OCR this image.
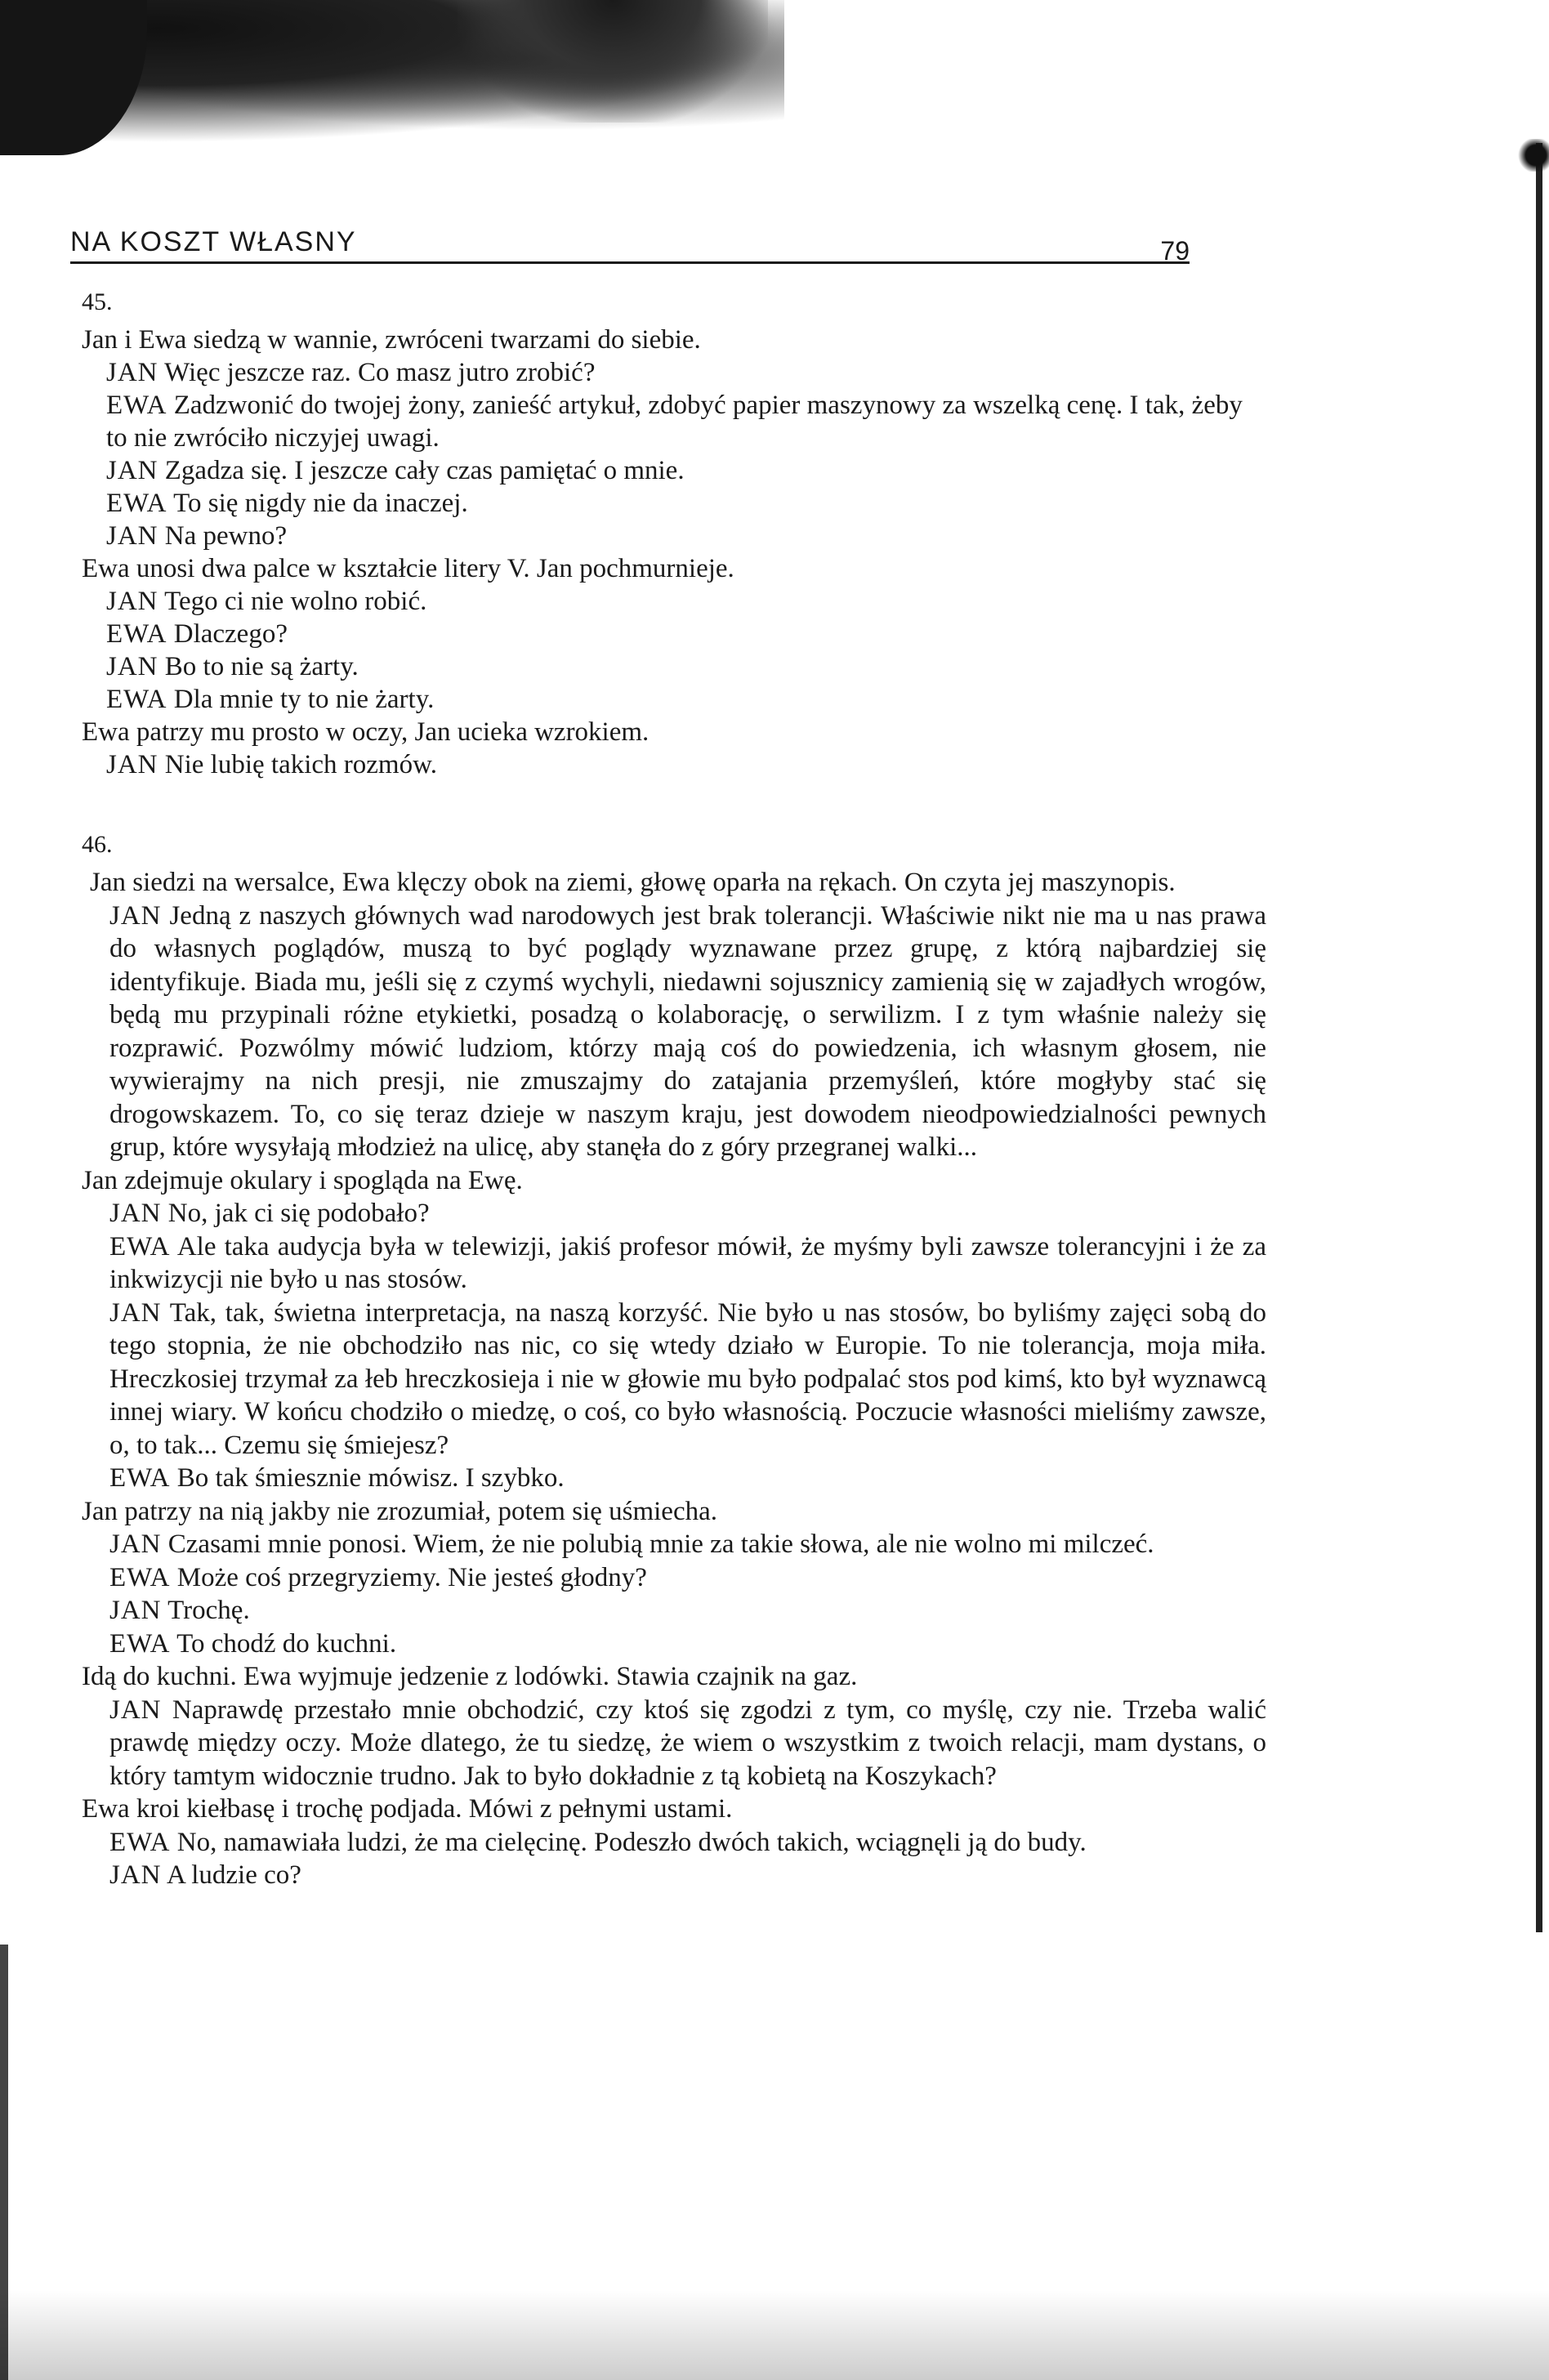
NA KOSZT WŁASNY	79
45.

Jan i Ewa siedzą w wannie, zwróceni twarzami do siebie.

JAN Więc jeszcze raz. Co masz jutro zrobić?

EWA Zadzwonić do twojej żony, zanieść artykuł, zdobyć papier maszynowy za wszelką cenę. I tak, żeby to nie zwróciło niczyjej uwagi.

JAN Zgadza się. I jeszcze cały czas pamiętać o mnie.

EWA To się nigdy nie da inaczej.

JAN Na pewno?

Ewa unosi dwa palce w kształcie litery V. Jan pochmurnieje.

JAN Tego ci nie wolno robić.

EWA Dlaczego?

JAN Bo to nie są żarty.

EWA Dla mnie ty to nie żarty.

Ewa patrzy mu prosto w oczy, Jan ucieka wzrokiem.

JAN Nie lubię takich rozmów.

46.

Jan siedzi na wersalce, Ewa klęczy obok na ziemi, głowę oparła na rękach. On czyta jej maszynopis.

JAN Jedną z naszych głównych wad narodowych jest brak tolerancji. Właściwie nikt nie ma u nas prawa do własnych poglądów, muszą to być poglądy wyznawane przez grupę, z którą najbardziej się identyfikuje. Biada mu, jeśli się z czymś wychyli, niedawni sojusznicy zamienią się w zajadłych wrogów, będą mu przypinali różne etykietki, posadzą o kolaborację, o serwilizm. I z tym właśnie należy się rozprawić. Pozwólmy mówić ludziom, którzy mają coś do powiedzenia, ich własnym głosem, nie wywierajmy na nich presji, nie zmuszajmy do zatajania przemyśleń, które mogłyby stać się drogowskazem. To, co się teraz dzieje w naszym kraju, jest dowodem nieodpowiedzialności pewnych grup, które wysyłają młodzież na ulicę, aby stanęła do z góry przegranej walki...

Jan zdejmuje okulary i spogląda na Ewę.

JAN No, jak ci się podobało?

EWA Ale taka audycja była w telewizji, jakiś profesor mówił, że myśmy byli zawsze tolerancyjni i że za inkwizycji nie było u nas stosów.

JAN Tak, tak, świetna interpretacja, na naszą korzyść. Nie było u nas stosów, bo byliśmy zajęci sobą do tego stopnia, że nie obchodziło nas nic, co się wtedy działo w Europie. To nie tolerancja, moja miła. Hreczkosiej trzymał za łeb hreczkosieja i nie w głowie mu było podpalać stos pod kimś, kto był wyznawcą innej wiary. W końcu chodziło o miedzę, o coś, co było własnością. Poczucie własności mieliśmy zawsze, o, to tak... Czemu się śmiejesz?

EWA Bo tak śmiesznie mówisz. I szybko.

Jan patrzy na nią jakby nie zrozumiał, potem się uśmiecha.

JAN Czasami mnie ponosi. Wiem, że nie polubią mnie za takie słowa, ale nie wolno mi milczeć.

EWA Może coś przegryziemy. Nie jesteś głodny?

JAN Trochę.

EWA To chodź do kuchni.

Idą do kuchni. Ewa wyjmuje jedzenie z lodówki. Stawia czajnik na gaz.

JAN Naprawdę przestało mnie obchodzić, czy ktoś się zgodzi z tym, co myślę, czy nie. Trzeba walić prawdę między oczy. Może dlatego, że tu siedzę, że wiem o wszystkim z twoich relacji, mam dystans, o który tamtym widocznie trudno. Jak to było dokładnie z tą kobietą na Koszykach?

Ewa kroi kiełbasę i trochę podjada. Mówi z pełnymi ustami.

EWA No, namawiała ludzi, że ma cielęcinę. Podeszło dwóch takich, wciągnęli ją do budy.

JAN A ludzie co?
